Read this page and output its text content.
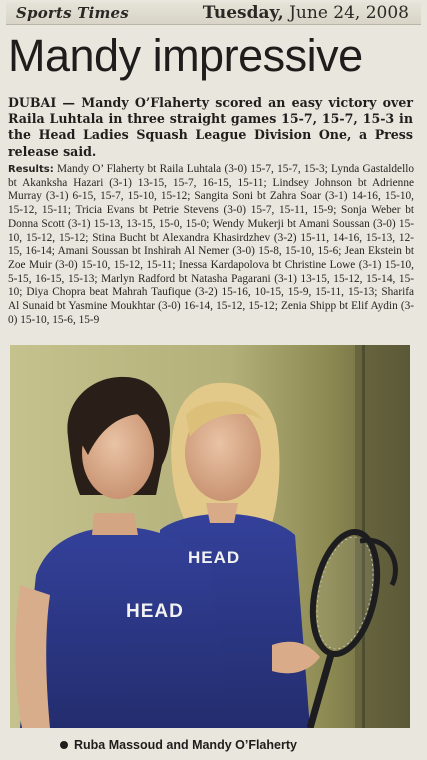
Sports Times	Tuesday, June 24, 2008
Mandy impressive
DUBAI — Mandy O’Flaherty scored an easy victory over Raila Luhtala in three straight games 15-7, 15-7, 15-3 in the Head Ladies Squash League Division One, a Press release said.
Results: Mandy O’ Flaherty bt Raila Luhtala (3-0) 15-7, 15-7, 15-3; Lynda Gastaldello bt Akanksha Hazari (3-1) 13-15, 15-7, 16-15, 15-11; Lindsey Johnson bt Adrienne Murray (3-1) 6-15, 15-7, 15-10, 15-12; Sangita Soni bt Zahra Soar (3-1) 14-16, 15-10, 15-12, 15-11; Tricia Evans bt Petrie Stevens (3-0) 15-7, 15-11, 15-9; Sonja Weber bt Donna Scott (3-1) 15-13, 13-15, 15-0, 15-0; Wendy Mukerji bt Amani Soussan (3-0) 15-10, 15-12, 15-12; Stina Bucht bt Alexandra Khasirdzhev (3-2) 15-11, 14-16, 15-13, 12-15, 16-14; Amani Soussan bt Inshirah Al Nemer (3-0) 15-8, 15-10, 15-6; Jean Ekstein bt Zoe Muir (3-0) 15-10, 15-12, 15-11; Inessa Kardapolova bt Christine Lowe (3-1) 15-10, 5-15, 16-15, 15-13; Marlyn Radford bt Natasha Pagarani (3-1) 13-15, 15-12, 15-14, 15-10; Diya Chopra beat Mahrah Taufique (3-2) 15-16, 10-15, 15-9, 15-11, 15-13; Sharifa Al Sunaid bt Yasmine Moukhtar (3-0) 16-14, 15-12, 15-12; Zenia Shipp bt Elif Aydin (3-0) 15-10, 15-6, 15-9
HEAD
HEAD
Ruba Massoud and Mandy O’Flaherty
